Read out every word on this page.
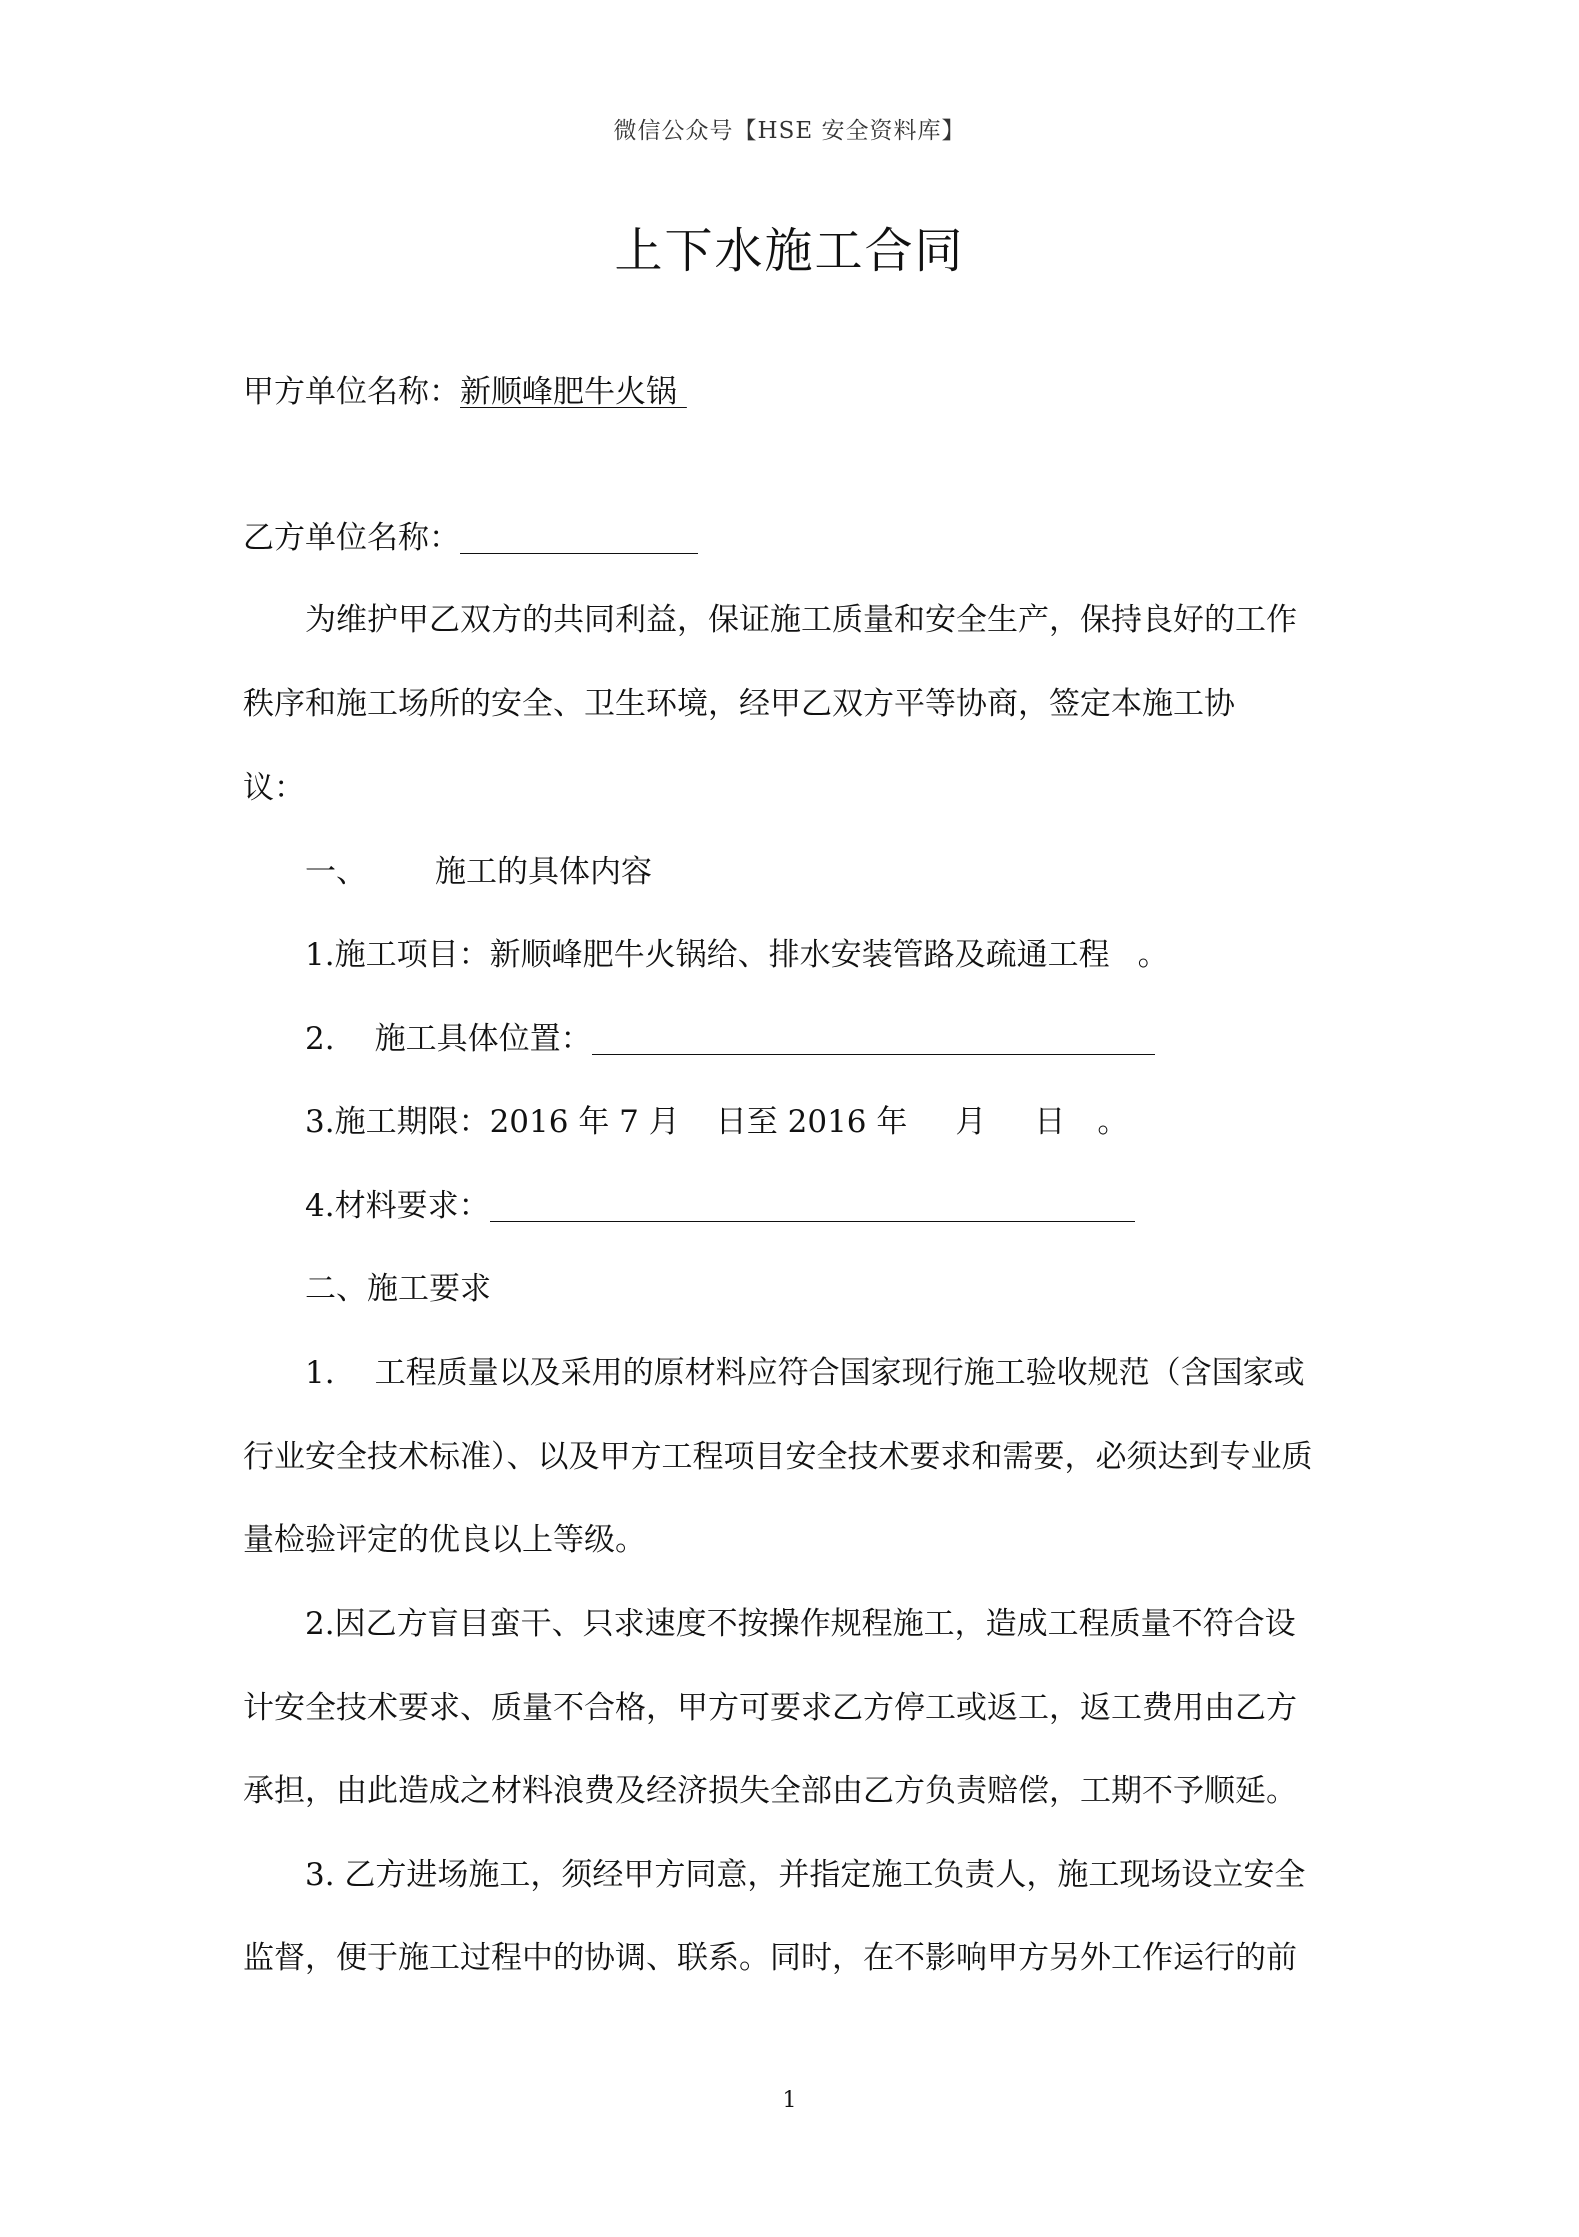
微信公众号【HSE 安全资料库】
上下水施工合同
甲方单位名称：新顺峰肥牛火锅
乙方单位名称：
为维护甲乙双方的共同利益，保证施工质量和安全生产，保持良好的工作
秩序和施工场所的安全、卫生环境，经甲乙双方平等协商，签定本施工协
议：
一、 施工的具体内容
1.施工项目：新顺峰肥牛火锅给、排水安装管路及疏通工程 。
2. 施工具体位置：
3.施工期限：2016 年 7 月 日至 2016 年 月 日 。
4.材料要求：
二、施工要求
1. 工程质量以及采用的原材料应符合国家现行施工验收规范（含国家或
行业安全技术标准）、以及甲方工程项目安全技术要求和需要，必须达到专业质
量检验评定的优良以上等级。
2.因乙方盲目蛮干、只求速度不按操作规程施工，造成工程质量不符合设
计安全技术要求、质量不合格，甲方可要求乙方停工或返工，返工费用由乙方
承担，由此造成之材料浪费及经济损失全部由乙方负责赔偿，工期不予顺延。
3. 乙方进场施工，须经甲方同意，并指定施工负责人，施工现场设立安全
监督，便于施工过程中的协调、联系。同时，在不影响甲方另外工作运行的前
1
